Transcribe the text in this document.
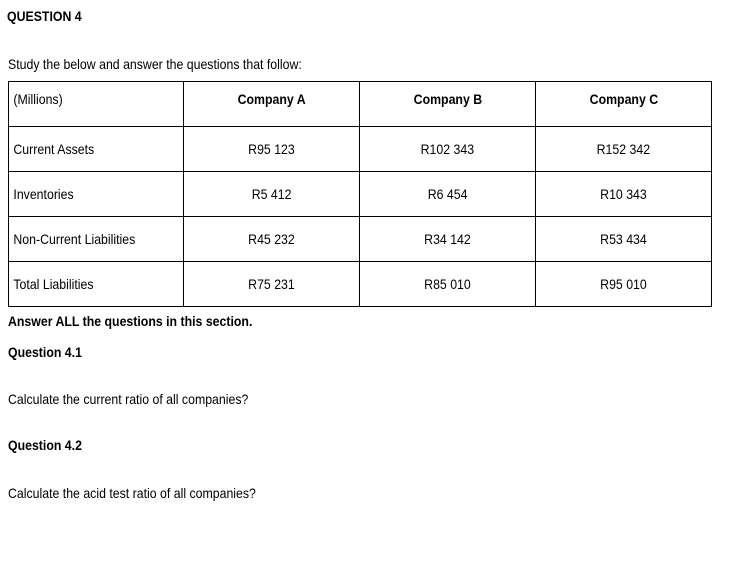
QUESTION 4
Study the below and answer the questions that follow:
(Millions)	Company A	Company B	Company C
Current Assets	R95 123	R102 343	R152 342
Inventories	R5 412	R6 454	R10 343
Non-Current Liabilities	R45 232	R34 142	R53 434
Total Liabilities	R75 231	R85 010	R95 010
Answer ALL the questions in this section.
Question 4.1
Calculate the current ratio of all companies?
Question 4.2
Calculate the acid test ratio of all companies?
